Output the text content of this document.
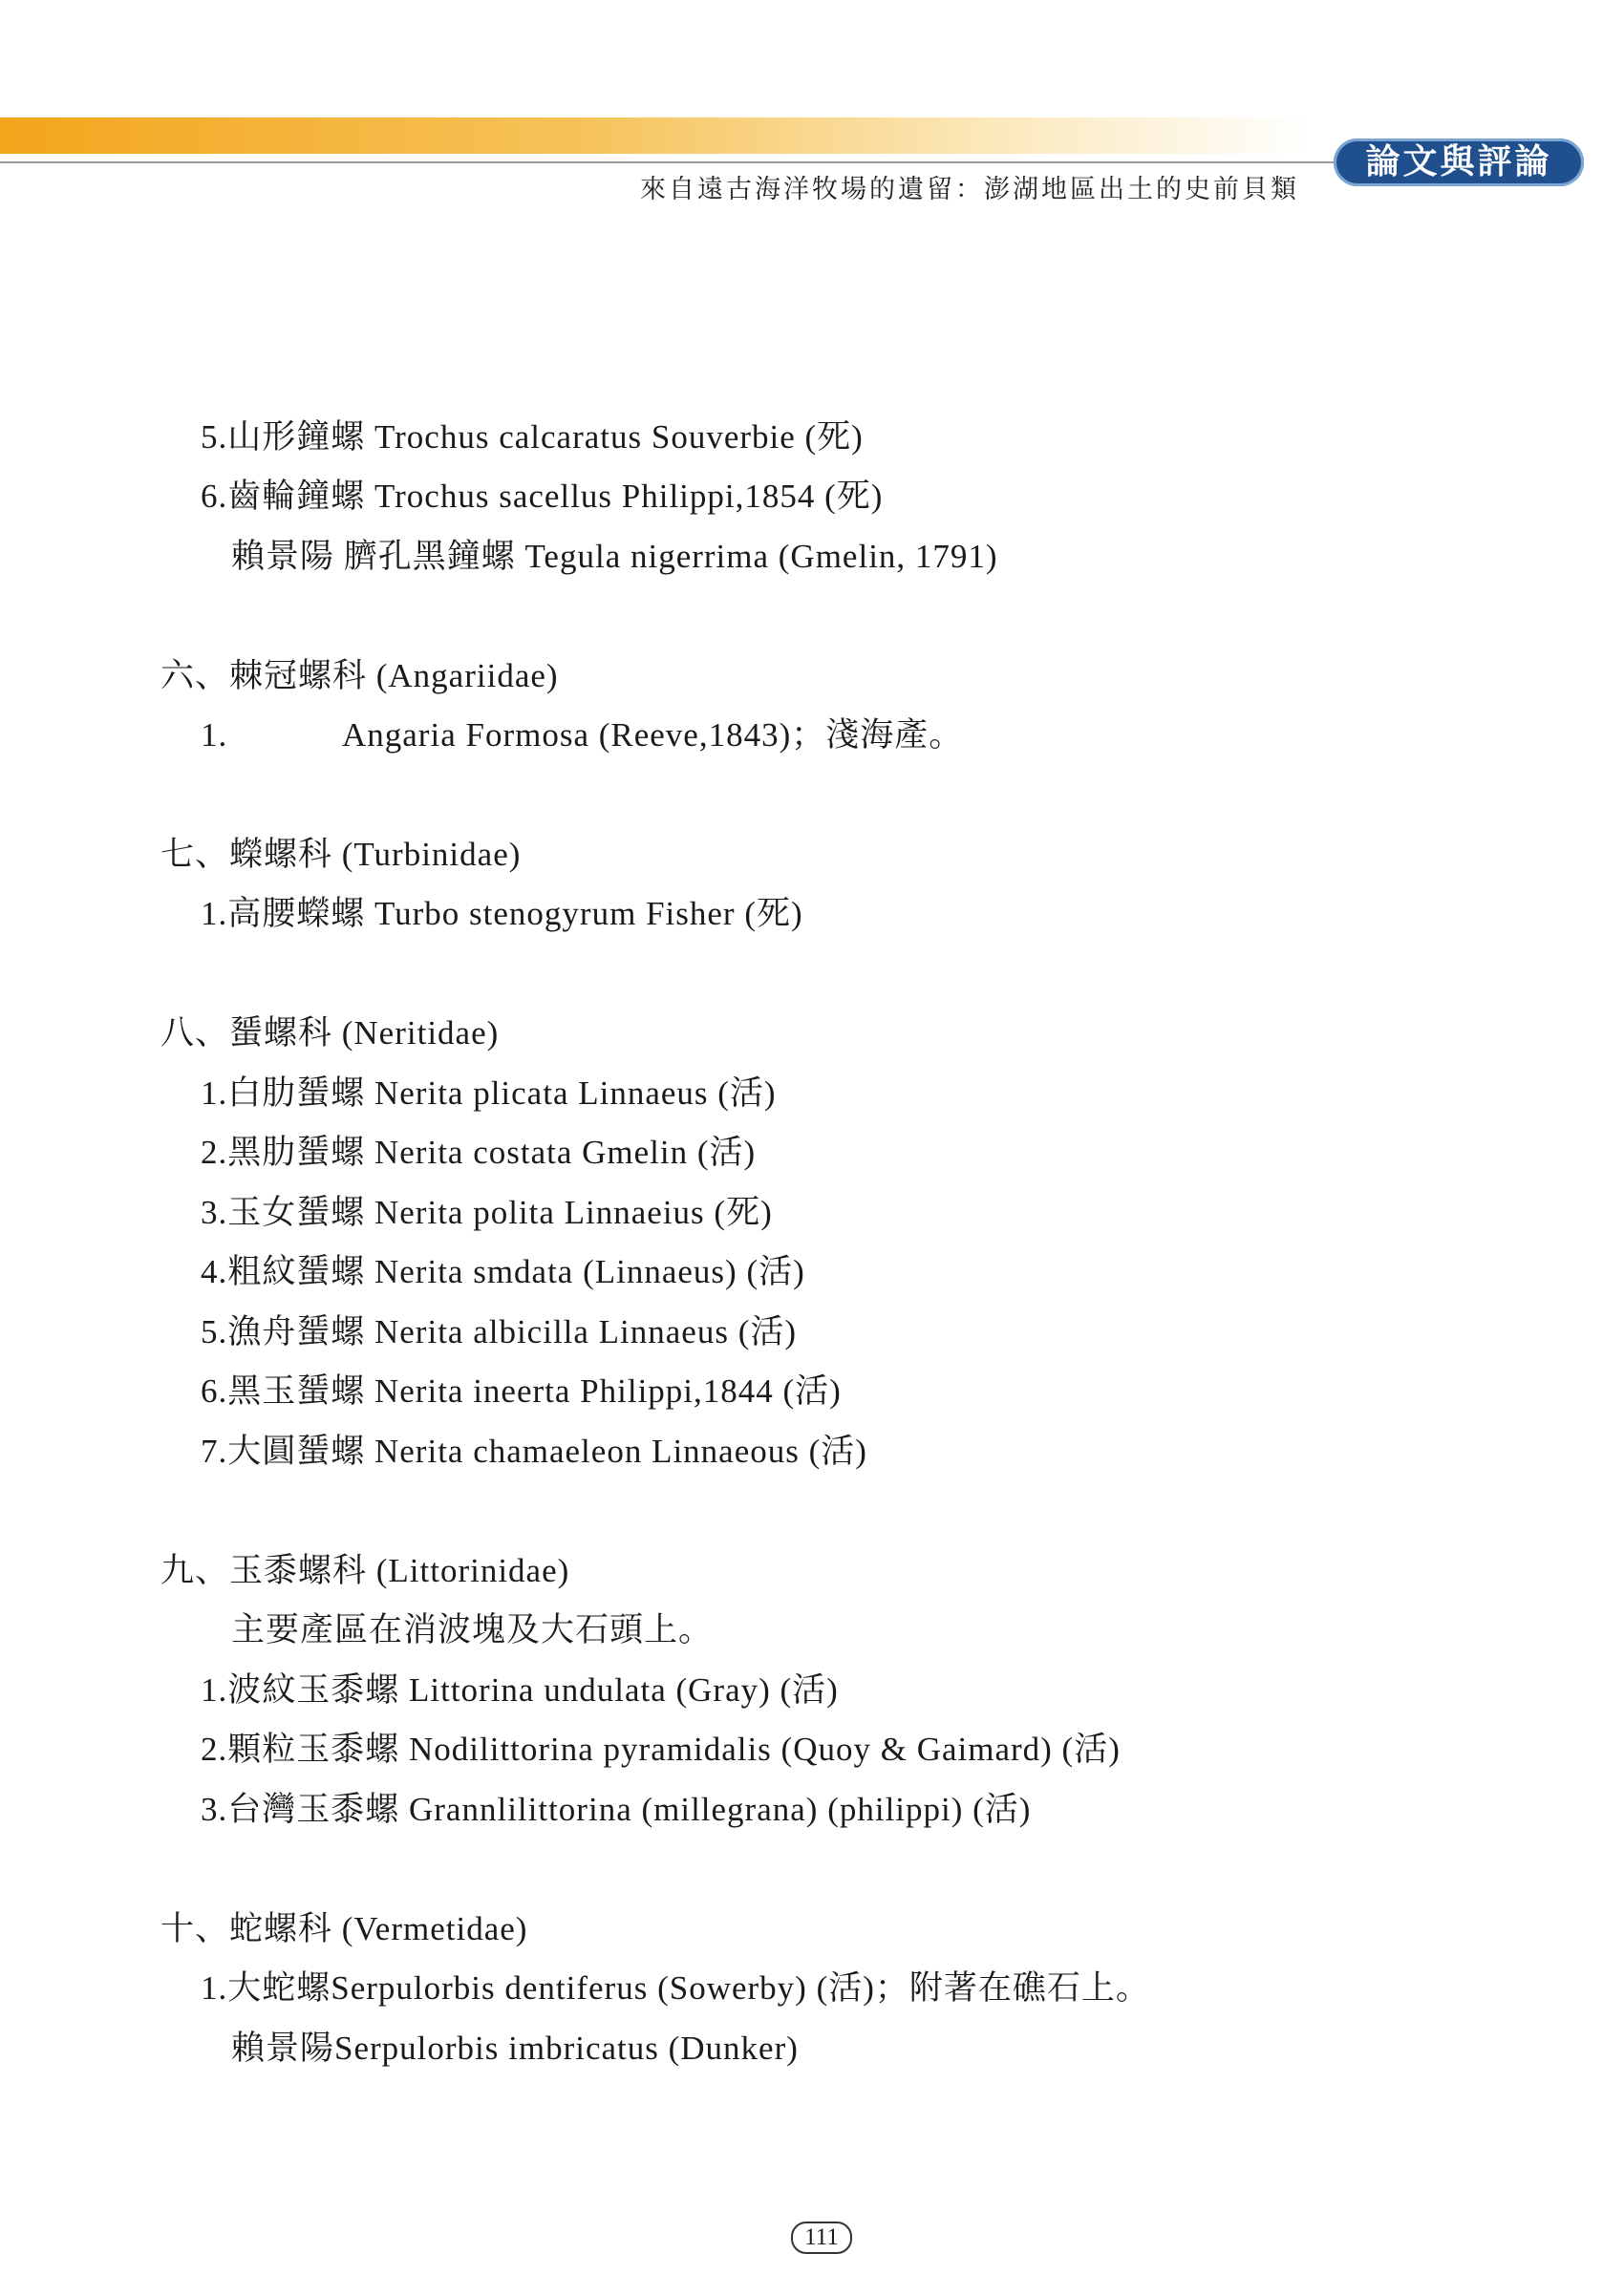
來自遠古海洋牧場的遺留：澎湖地區出土的史前貝類
論文與評論
5.山形鐘螺 Trochus calcaratus Souverbie (死)
6.齒輪鐘螺 Trochus sacellus Philippi,1854 (死)
賴景陽 臍孔黑鐘螺 Tegula nigerrima (Gmelin, 1791)
六、棘冠螺科 (Angariidae)
1.	Angaria Formosa (Reeve,1843)；淺海產。
七、蠑螺科 (Turbinidae)
1.高腰蠑螺 Turbo stenogyrum Fisher (死)
八、蜑螺科 (Neritidae)
1.白肋蜑螺 Nerita plicata Linnaeus (活)
2.黑肋蜑螺 Nerita costata Gmelin (活)
3.玉女蜑螺 Nerita polita Linnaeius (死)
4.粗紋蜑螺 Nerita smdata (Linnaeus) (活)
5.漁舟蜑螺 Nerita albicilla Linnaeus (活)
6.黑玉蜑螺 Nerita ineerta Philippi,1844 (活)
7.大圓蜑螺 Nerita chamaeleon Linnaeous (活)
九、玉黍螺科 (Littorinidae)
主要產區在消波塊及大石頭上。
1.波紋玉黍螺 Littorina undulata (Gray) (活)
2.顆粒玉黍螺 Nodilittorina pyramidalis (Quoy & Gaimard) (活)
3.台灣玉黍螺 Grannlilittorina (millegrana) (philippi) (活)
十、蛇螺科 (Vermetidae)
1.大蛇螺Serpulorbis dentiferus (Sowerby) (活)；附著在礁石上。
賴景陽Serpulorbis imbricatus (Dunker)
111
